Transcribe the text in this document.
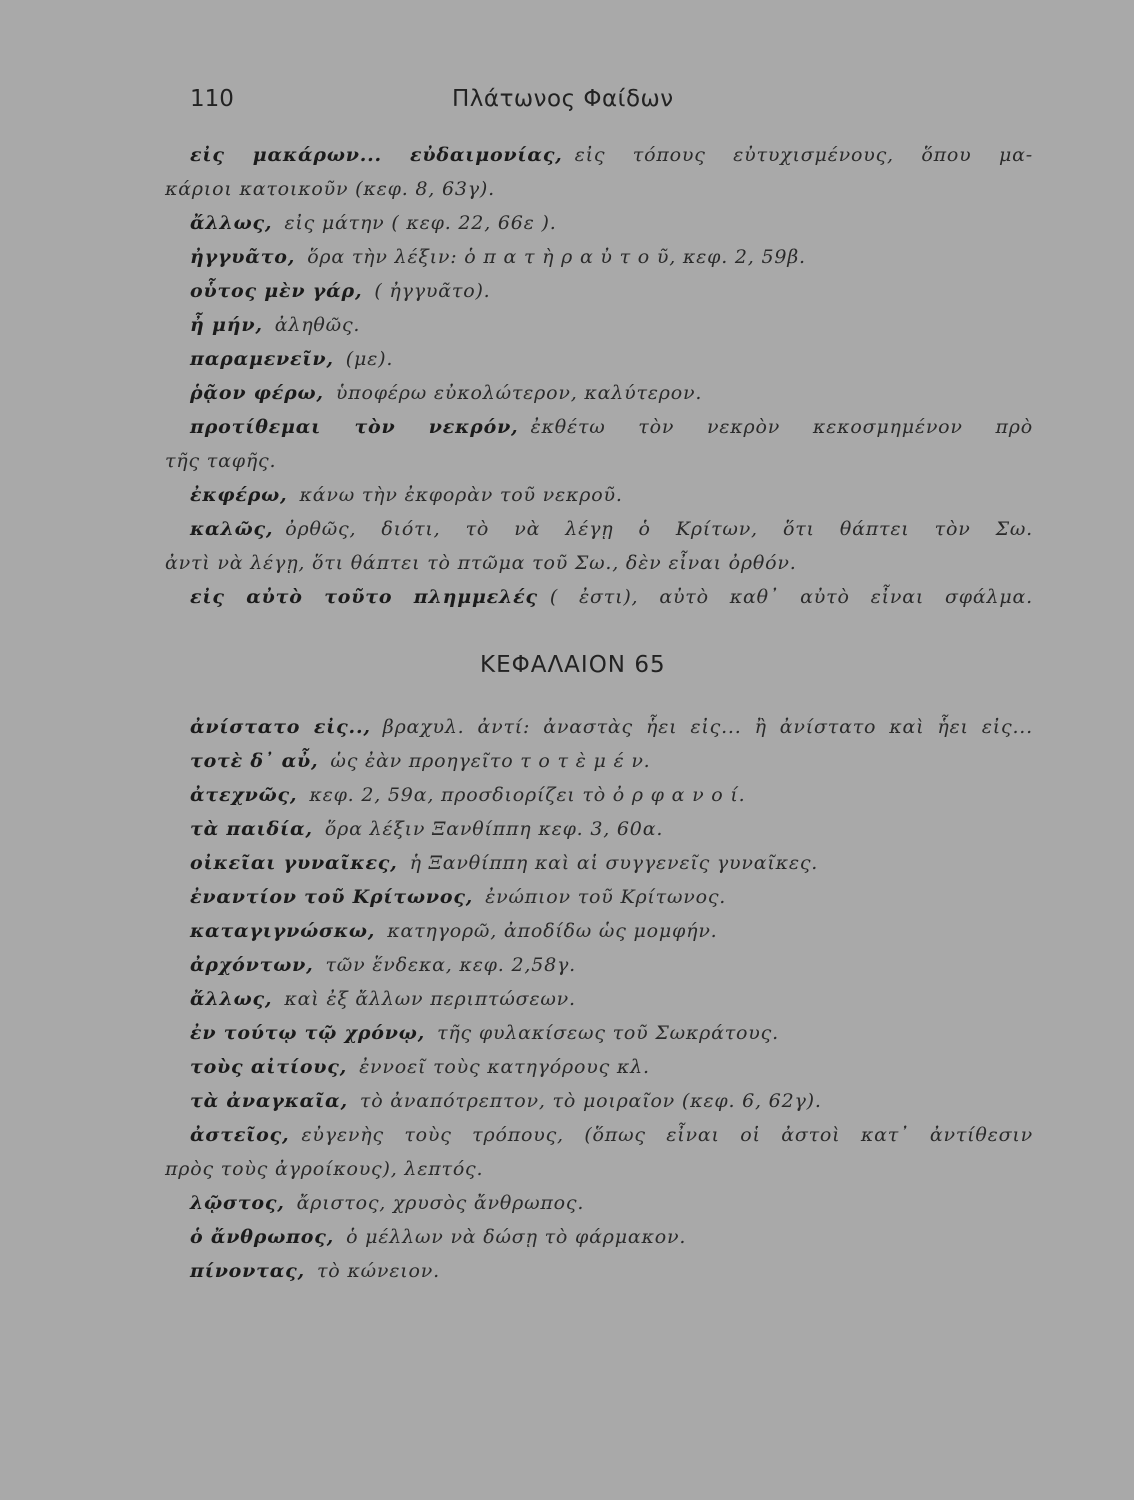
110	Πλάτωνος Φαίδων
εἰς μακάρων... εὐδαιμονίας, εἰς τόπους εὐτυχισμένους, ὅπου μα-
κάριοι κατοικοῦν (κεφ. 8, 63γ).
ἄλλως, εἰς μάτην ( κεφ. 22, 66ε ).
ἠγγυᾶτο, ὅρα τὴν λέξιν: ὁ π α τ ὴ ρ α ὐ τ ο ῦ, κεφ. 2, 59β.
οὗτος μὲν γάρ, ( ἠγγυᾶτο).
ἦ μήν, ἀληθῶς.
παραμενεῖν, (με).
ῥᾷον φέρω, ὑποφέρω εὐκολώτερον, καλύτερον.
προτίθεμαι τὸν νεκρόν, ἐκθέτω τὸν νεκρὸν κεκοσμημένον πρὸ
τῆς ταφῆς.
ἐκφέρω, κάνω τὴν ἐκφορὰν τοῦ νεκροῦ.
καλῶς, ὀρθῶς, διότι, τὸ νὰ λέγῃ ὁ Κρίτων, ὅτι θάπτει τὸν Σω.
ἀντὶ νὰ λέγῃ, ὅτι θάπτει τὸ πτῶμα τοῦ Σω., δὲν εἶναι ὀρθόν.
εἰς αὐτὸ τοῦτο πλημμελές ( ἐστι), αὐτὸ καθ᾽ αὐτὸ εἶναι σφάλμα.
ΚΕΦΑΛΑΙΟΝ 65
ἀνίστατο εἰς.., βραχυλ. ἀντί: ἀναστὰς ἧει εἰς... ἢ ἀνίστατο καὶ ἧει εἰς...
τοτὲ δ᾽ αὖ, ὡς ἐὰν προηγεῖτο τ ο τ ὲ μ έ ν.
ἀτεχνῶς, κεφ. 2, 59α, προσδιορίζει τὸ ὀ ρ φ α ν ο ί.
τὰ παιδία, ὅρα λέξιν Ξανθίππη κεφ. 3, 60α.
οἰκεῖαι γυναῖκες, ἡ Ξανθίππη καὶ αἱ συγγενεῖς γυναῖκες.
ἐναντίον τοῦ Κρίτωνος, ἐνώπιον τοῦ Κρίτωνος.
καταγιγνώσκω, κατηγορῶ, ἀποδίδω ὡς μομφήν.
ἀρχόντων, τῶν ἕνδεκα, κεφ. 2,58γ.
ἄλλως, καὶ ἐξ ἄλλων περιπτώσεων.
ἐν τούτῳ τῷ χρόνῳ, τῆς φυλακίσεως τοῦ Σωκράτους.
τοὺς αἰτίους, ἐννοεῖ τοὺς κατηγόρους κλ.
τὰ ἀναγκαῖα, τὸ ἀναπότρεπτον, τὸ μοιραῖον (κεφ. 6, 62γ).
ἀστεῖος, εὐγενὴς τοὺς τρόπους, (ὅπως εἶναι οἱ ἀστοὶ κατ᾽ ἀντίθεσιν
πρὸς τοὺς ἀγροίκους), λεπτός.
λῷστος, ἄριστος, χρυσὸς ἄνθρωπος.
ὁ ἄνθρωπος, ὁ μέλλων νὰ δώσῃ τὸ φάρμακον.
πίνοντας, τὸ κώνειον.
